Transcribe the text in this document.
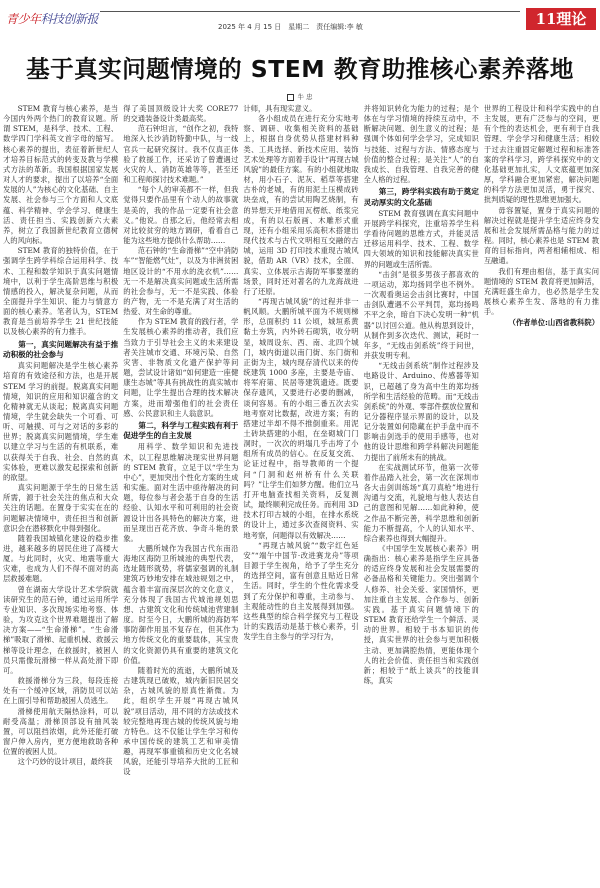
青少年科技创新报
2025 年 4 月 15 日　星期二　责任编辑:李 敏	11理论
基于真实问题情境的 STEM 教育助推核心素养落地
牛 忠

STEM 教育与核心素养，是当今国内外两个热门的教育议题。所谓 STEM，是科学、技术、工程、数学四门学科英文首字母的缩写。核心素养的提出，表征着新世纪人才培养目标范式的转变及教与学模式方法的革新。我国根据国家发展对人才的要求，提出了以培养“全面发展的人”为核心的文化基础、自主发展、社会参与三个方面和人文底蕴、科学精神、学会学习、健康生活、责任担当、实践创新六大素养，树立了我国新世纪教育立德树人的风向标。

STEM 教育的独特价值，在于强调学生跨学科综合运用科学、技术、工程和数学知识于真实问题情境中，以利于学生高阶思维与积极情感的投入，解决复杂问题，从而全面提升学生知识、能力与情意方面的核心素养。笔者认为，STEM 教育是当前培养学生 21 世纪技能以及核心素养的有力推手。

第一，真实问题解决有益于推动积极的社会参与

真实问题解决是学生核心素养培育的有效途径和方法，也是开展 STEM 学习的前提。脱离真实问题情境，知识的应用和知识蕴含的文化精神就无从谈起；脱离真实问题情境，学生就会缺失一个可看、可听、可触摸、可与之对话的多彩的世界；脱离真实问题情境，学生难以建立学习与生活的有机联系，难以获得关于自我、社会、自然的真实体验，更难以激发起探索和创新的欲望。

真实问题源于学生的日常生活所需，源于社会关注的焦点和大众关注的话题。在置身于实实在在的问题解决情境中，责任担当和创新意识会在潜移默化中得到强化。

随着我国城镇化建设的稳步推进，越来越多的居民住进了高楼大厦。与此同时，火灾、地震等重大灾难，也成为人们不得不面对的高层救援难题。

曾在湖南大学设计艺术学院就读研究生的范石钟，通过运用所学专业知识、多次现场实地考察、体验，为攻克这个世界难题提出了解决方案——“生命滑梯”。“生命滑梯”吸取了滑梯、起重机械、救援云梯等设计理念，在救援时，被困人员只需像玩滑梯一样从高处滑下即可。

救援滑梯分为三段，每段连接处有一个缓冲区域，消防员可以站在上面引导和帮助被困人员逃生。

滑梯使用航天隔热涂料，可以耐受高温；滑梯顶部设有抽风装置，可以阻挡浓烟，此外还能打破窗户伸入房内，更方便地救助各种位置的被困人员。

这个巧妙的设计项目，最终获

得了美国顶级设计大奖 CORE77 的交通装备设计类最高奖。

范石钟坦言，“创作之初，我特地深入长沙消防特勤中队，与一线官兵一起研究探讨。我不仅真正体验了救援工作，还采访了曾遭遇过火灾的人、消防英雄等等，甚至还和工程师探讨技术难题。”

“每个人的审美都不一样，但我觉得只要作品里有个动人的故事就是美的，我的作品一定要有社会意义。”他说。自那之后，他经常去相对比较贫穷的地方调研，看看自己能为这些地方提供什么帮助……

范石钟的“生命滑梯”“空中消防车”“智能燃气灶”，以及为非洲贫困地区设计的“不用水的洗衣机”……无一不是解决真实问题或生活所需的社会参与，无一不是实践、体验的产物，无一不是充满了对生活的热爱、对生命的尊重。

作为 STEM 教育的践行者，学生发展核心素养的推动者，我们应当致力于引导社会主义的未来建设者关注城市交通、环境污染、自然灾害、非物质文化遗产保护等问题，尝试设计诸如“如何建造一座健康生态城”等具有挑战性的真实城市问题，让学生提出合理的技术解决方案，进而增强他们的社会责任感、公民意识和主人翁意识。

第二，科学与工程实践有利于促进学生的自主发展

用科学、数学知识和先进技术，以工程思维解决现实世界问题的 STEM 教育，立足于以“学生为中心”，更加突出个性化方案的生成和实施。面对生活中亟待解决的问题，每位参与者会基于自身的生活经验、认知水平和可利用的社会资源设计出各具特色的解决方案，进而呈现出百花齐放、争奇斗艳的景象。

大鹏所城作为我国古代东南沿海地区海防卫所城池的典型代表，选址随形就势，将儒家强调的礼制建筑巧妙地安排在城池规划之中，蕴含着丰富而深层次的文化意义，充分体现了我国古代城池规划思想、古建筑文化和传统城池营建制度。时至今日，大鹏所城的海防军事防御作用虽不复存在，但其作为地方传统文化的重要载体，其宝贵的文化资源仍具有重要的建筑文化价值。

随着时光的流逝，大鹏所城及古建筑现已破败，城内新旧民居交杂，古城风貌的原真性渐微。为此，组织学生开展“再现古城风貌”项目活动，用不同的方法或技术较完整地再现古城的传统风貌与地方特色。这不仅能让学生学习和传承中国传统的建筑工艺和审美情趣，再现军事重镇和历史文化名城风貌，还能引导培养大批的工匠和设

计师，具有现实意义。

各小组成员在进行充分实地考察、调研、收集相关资料的基础上，根据自身优势从搭建材料种类、工具选择、新技术应用、装饰艺术处理等方面着手设计“再现古城风貌”的最佳方案。有的小组就地取材，用小石子、泥灰、稻草等搭建古朴的老城，有的用泥土压模成砖块垒成，有的尝试用陶艺烧制，有的异想天开地借用瓦楞纸、纸浆完成，有的以石版画、木雕形式重现，还有小组采用乐高积木搭建出现代技术与古代文明相互交融的古城，运用 3D 打印技术重现古城风貌，借助 AR（VR）技术，全面、真实、立体展示古海防军事要塞的场景，同时还对著名的九龙海战进行了还原。

“再现古城风貌”的过程并非一帆风顺。大鹏所城平面为不规则梯形，总面积约 11 公顷，城垣系黄黏土夯筑，内外砖石砌筑，收分明显，城周设东、西、南、北四个城门，城内街道以南门街、东门街和正街为主，城内现存清代以来的传统建筑 1000 多座，主要是寺庙、将军府第、民居等建筑遗迹。既要保存遗风，又要进行必要的删减，谈何容易。有的小组三番五次去实地考察对比数据，改进方案；有的搭建过半却不得不推倒重来。用泥土砖块搭建的小组，在垒砌城门门洞时，一次次的坍塌几乎击垮了小组所有成员的信心。在反复交流、论证过程中，指导教师的一个提问“门洞和赵州桥有什么关联吗？”让学生们如梦方醒。他们立马打开电脑查找相关资料，反复测试，最终顺利完成任务。而利用 3D 技术打印古城的小组，在排水系统的设计上，通过多次查阅资料、实地考察，问题得以有效解决……

“再现古城风貌”“数字红色延安”“端午中国节·改进赛龙舟”等项目源于学生视角，给予了学生充分的选择空间，富有创意且贴近日常生活。同时，学生的个性化需求受到了充分保护和尊重，主动参与、主观能动性的自主发展得到加强。这些典型的综合科学探究与工程设计的实践活动是基于核心素养，引发学生自主参与的学习行为，

并将知识转化为能力的过程；是个体在与学习情境的持续互动中，不断解决问题、创生意义的过程；是强调个体如何学会学习，完成知识与技能、过程与方法、情感态度与价值的整合过程；是关注“人”的自我成长、自我管理、自我完善的健全人格的过程。

第三，跨学科实践有助于奠定灵动厚实的文化基础

STEM 教育强调在真实问题中开展跨学科探究，注重培养学生科学看待问题的思维方式，并能灵活迁移运用科学、技术、工程、数学四大领域的知识和技能解决真实世界的问题或生活所需。

“击剑”是很多男孩子都喜欢的一项运动，郑均扬同学也不例外。一次观看奥运会击剑比赛时，中国击剑队遭遇不公平判罚，郑均扬鸣不平之余，暗自下决心发明一种“机器”以讨回公道。他从构思到设计，从制作到多次迭代、测试，耗时一年多，“无线击剑系统”终于问世，并获发明专利。

“无线击剑系统”制作过程涉及电路设计、Arduino、传感器等知识，已超越了身为高中生的郑均扬所学和生活经验的范畴。而“无线击剑系统”的外观、零部件摆放位置和记分器程序显示界面的设计，以及记分装置如何隐藏在护手盘中而不影响击剑选手的使用手感等，也对他的设计思维和跨学科解决问题能力提出了前所未有的挑战。

在实战测试环节，他第一次带着作品踏入社会，第一次在深圳市各大击剑训练场“真刀真枪”地进行沟通与交流，礼貌地与他人表达自己的意图和见解……如此种种，使之作品不断完善，科学思维和创新能力不断提高，个人的认知水平、综合素养也得到大幅提升。

《中国学生发展核心素养》明确指出：核心素养是指学生应具备的适应终身发展和社会发展需要的必备品格和关键能力。突出强调个人修养、社会关爱、家国情怀，更加注重自主发展、合作参与、创新实践。基于真实问题情境下的 STEM 教育还给学生一个鲜活、灵动的世界。相较于书本知识的传授，真实世界的社会参与更加积极主动、更加满腔热情，更能体现个人的社会价值、责任担当和实践创新；相较于“纸上谈兵”的技能训练，真实

世界的工程设计和科学实践中的自主发展，更有广泛参与的空间，更有个性的表达机会，更有利于自我管理、学会学习和健康生活；相较于过去注重固定解题过程和标准答案的学科学习，跨学科探究中的文化基础更加扎实，人文底蕴更加深厚，学科融合更加紧密，解决问题的科学方法更加灵活，勇于探究、批判质疑的理性思维更加强大。

毋容置疑，置身于真实问题的解决过程就是提升学生适应终身发展和社会发展所需品格与能力的过程。同时，核心素养也是 STEM 教育的目标指向，两者相辅相成、相互融通。

我们有理由相信，基于真实问题情境的 STEM 教育将更加鲜活，充满旺盛生命力，也必然是学生发展核心素养生发、落地的有力推手。

（作者单位:山西省教科院）
